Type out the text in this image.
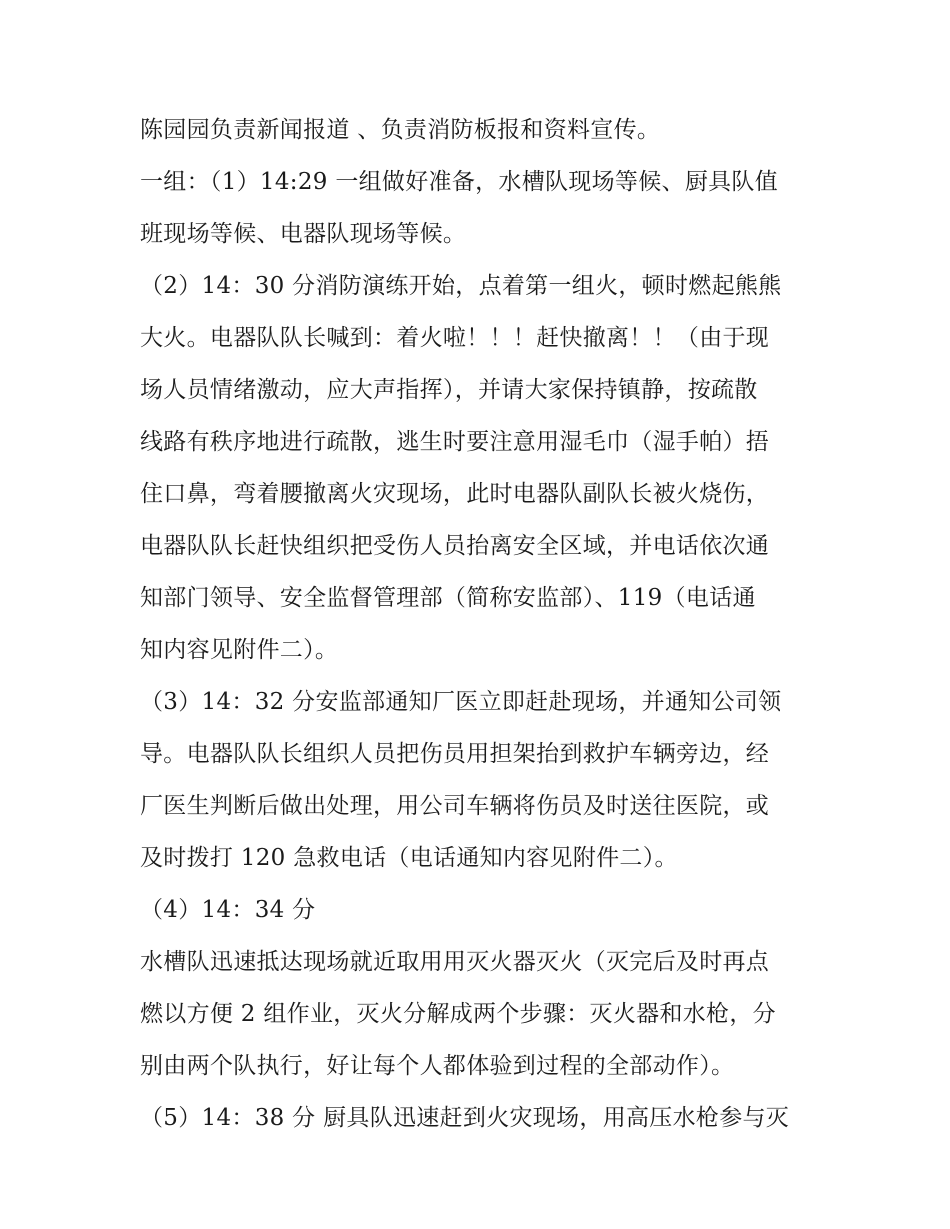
陈园园负责新闻报道 、负责消防板报和资料宣传。
一组：（1）14:29 一组做好准备，水槽队现场等候、厨具队值
班现场等候、电器队现场等候。
（2）14：30 分消防演练开始，点着第一组火，顿时燃起熊熊
大火。电器队队长喊到：着火啦！！！赶快撤离！！（由于现
场人员情绪激动，应大声指挥），并请大家保持镇静，按疏散
线路有秩序地进行疏散，逃生时要注意用湿毛巾（湿手帕）捂
住口鼻，弯着腰撤离火灾现场，此时电器队副队长被火烧伤，
电器队队长赶快组织把受伤人员抬离安全区域，并电话依次通
知部门领导、安全监督管理部（简称安监部）、119（电话通
知内容见附件二）。
（3）14：32 分安监部通知厂医立即赶赴现场，并通知公司领
导。电器队队长组织人员把伤员用担架抬到救护车辆旁边，经
厂医生判断后做出处理，用公司车辆将伤员及时送往医院，或
及时拨打 120 急救电话（电话通知内容见附件二）。
（4）14：34 分
水槽队迅速抵达现场就近取用用灭火器灭火（灭完后及时再点
燃以方便 2 组作业，灭火分解成两个步骤：灭火器和水枪，分
别由两个队执行，好让每个人都体验到过程的全部动作）。
（5）14：38 分 厨具队迅速赶到火灾现场，用高压水枪参与灭
